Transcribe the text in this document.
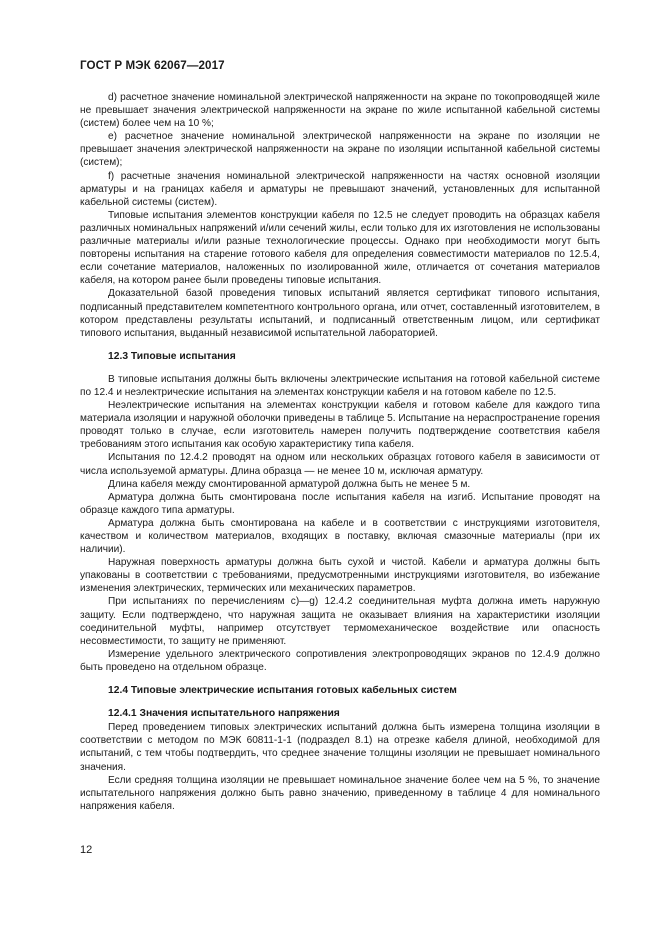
ГОСТ Р МЭК 62067—2017

d) расчетное значение номинальной электрической напряженности на экране по токопроводящей жиле не превышает значения электрической напряженности на экране по жиле испытанной кабельной системы (систем) более чем на 10 %;

е) расчетное значение номинальной электрической напряженности на экране по изоляции не превышает значения электрической напряженности на экране по изоляции испытанной кабельной системы (систем);

f) расчетные значения номинальной электрической напряженности на частях основной изоляции арматуры и на границах кабеля и арматуры не превышают значений, установленных для испытанной кабельной системы (систем).

Типовые испытания элементов конструкции кабеля по 12.5 не следует проводить на образцах кабеля различных номинальных напряжений и/или сечений жилы, если только для их изготовления не использованы различные материалы и/или разные технологические процессы. Однако при необходимости могут быть повторены испытания на старение готового кабеля для определения совместимости материалов по 12.5.4, если сочетание материалов, наложенных по изолированной жиле, отличается от сочетания материалов кабеля, на котором ранее были проведены типовые испытания.

Доказательной базой проведения типовых испытаний является сертификат типового испытания, подписанный представителем компетентного контрольного органа, или отчет, составленный изготовителем, в котором представлены результаты испытаний, и подписанный ответственным лицом, или сертификат типового испытания, выданный независимой испытательной лабораторией.

12.3 Типовые испытания

В типовые испытания должны быть включены электрические испытания на готовой кабельной системе по 12.4 и неэлектрические испытания на элементах конструкции кабеля и на готовом кабеле по 12.5.

Неэлектрические испытания на элементах конструкции кабеля и готовом кабеле для каждого типа материала изоляции и наружной оболочки приведены в таблице 5. Испытание на нераспространение горения проводят только в случае, если изготовитель намерен получить подтверждение соответствия кабеля требованиям этого испытания как особую характеристику типа кабеля.

Испытания по 12.4.2 проводят на одном или нескольких образцах готового кабеля в зависимости от числа используемой арматуры. Длина образца — не менее 10 м, исключая арматуру.

Длина кабеля между смонтированной арматурой должна быть не менее 5 м.

Арматура должна быть смонтирована после испытания кабеля на изгиб. Испытание проводят на образце каждого типа арматуры.

Арматура должна быть смонтирована на кабеле и в соответствии с инструкциями изготовителя, качеством и количеством материалов, входящих в поставку, включая смазочные материалы (при их наличии).

Наружная поверхность арматуры должна быть сухой и чистой. Кабели и арматура должны быть упакованы в соответствии с требованиями, предусмотренными инструкциями изготовителя, во избежание изменения электрических, термических или механических параметров.

При испытаниях по перечислениям с)—g) 12.4.2 соединительная муфта должна иметь наружную защиту. Если подтверждено, что наружная защита не оказывает влияния на характеристики изоляции соединительной муфты, например отсутствует термомеханическое воздействие или опасность несовместимости, то защиту не применяют.

Измерение удельного электрического сопротивления электропроводящих экранов по 12.4.9 должно быть проведено на отдельном образце.

12.4 Типовые электрические испытания готовых кабельных систем

12.4.1 Значения испытательного напряжения

Перед проведением типовых электрических испытаний должна быть измерена толщина изоляции в соответствии с методом по МЭК 60811-1-1 (подраздел 8.1) на отрезке кабеля длиной, необходимой для испытаний, с тем чтобы подтвердить, что среднее значение толщины изоляции не превышает номинального значения.

Если средняя толщина изоляции не превышает номинальное значение более чем на 5 %, то значение испытательного напряжения должно быть равно значению, приведенному в таблице 4 для номинального напряжения кабеля.

12
